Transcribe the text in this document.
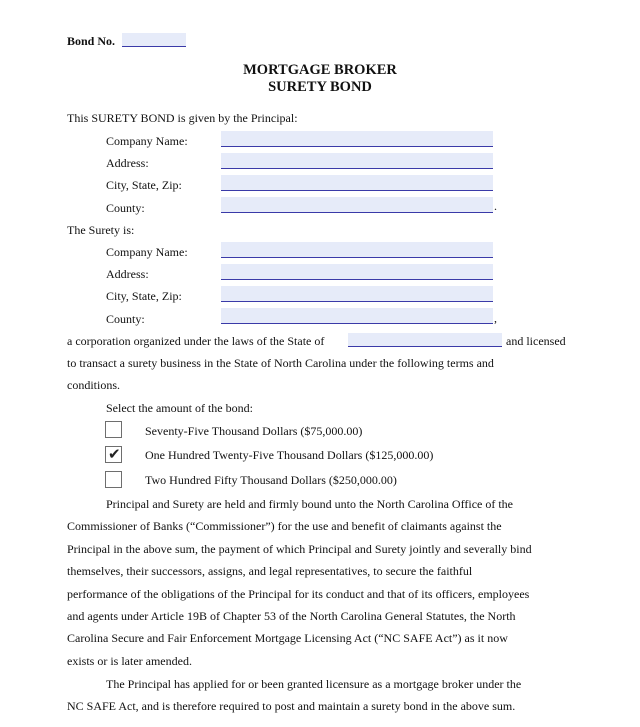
Bond No.
MORTGAGE BROKER
SURETY BOND
This SURETY BOND is given by the Principal:
Company Name:
Address:
City, State, Zip:
County:	.
The Surety is:
Company Name:
Address:
City, State, Zip:
County:	,
a corporation organized under the laws of the State of	and licensed
to transact a surety business in the State of North Carolina under the following terms and
conditions.
Select the amount of the bond:
Seventy-Five Thousand Dollars ($75,000.00)
✔
One Hundred Twenty-Five Thousand Dollars ($125,000.00)
Two Hundred Fifty Thousand Dollars ($250,000.00)
Principal and Surety are held and firmly bound unto the North Carolina Office of the
Commissioner of Banks (“Commissioner”) for the use and benefit of claimants against the
Principal in the above sum, the payment of which Principal and Surety jointly and severally bind
themselves, their successors, assigns, and legal representatives, to secure the faithful
performance of the obligations of the Principal for its conduct and that of its officers, employees
and agents under Article 19B of Chapter 53 of the North Carolina General Statutes, the North
Carolina Secure and Fair Enforcement Mortgage Licensing Act (“NC SAFE Act”) as it now
exists or is later amended.
The Principal has applied for or been granted licensure as a mortgage broker under the
NC SAFE Act, and is therefore required to post and maintain a surety bond in the above sum.
